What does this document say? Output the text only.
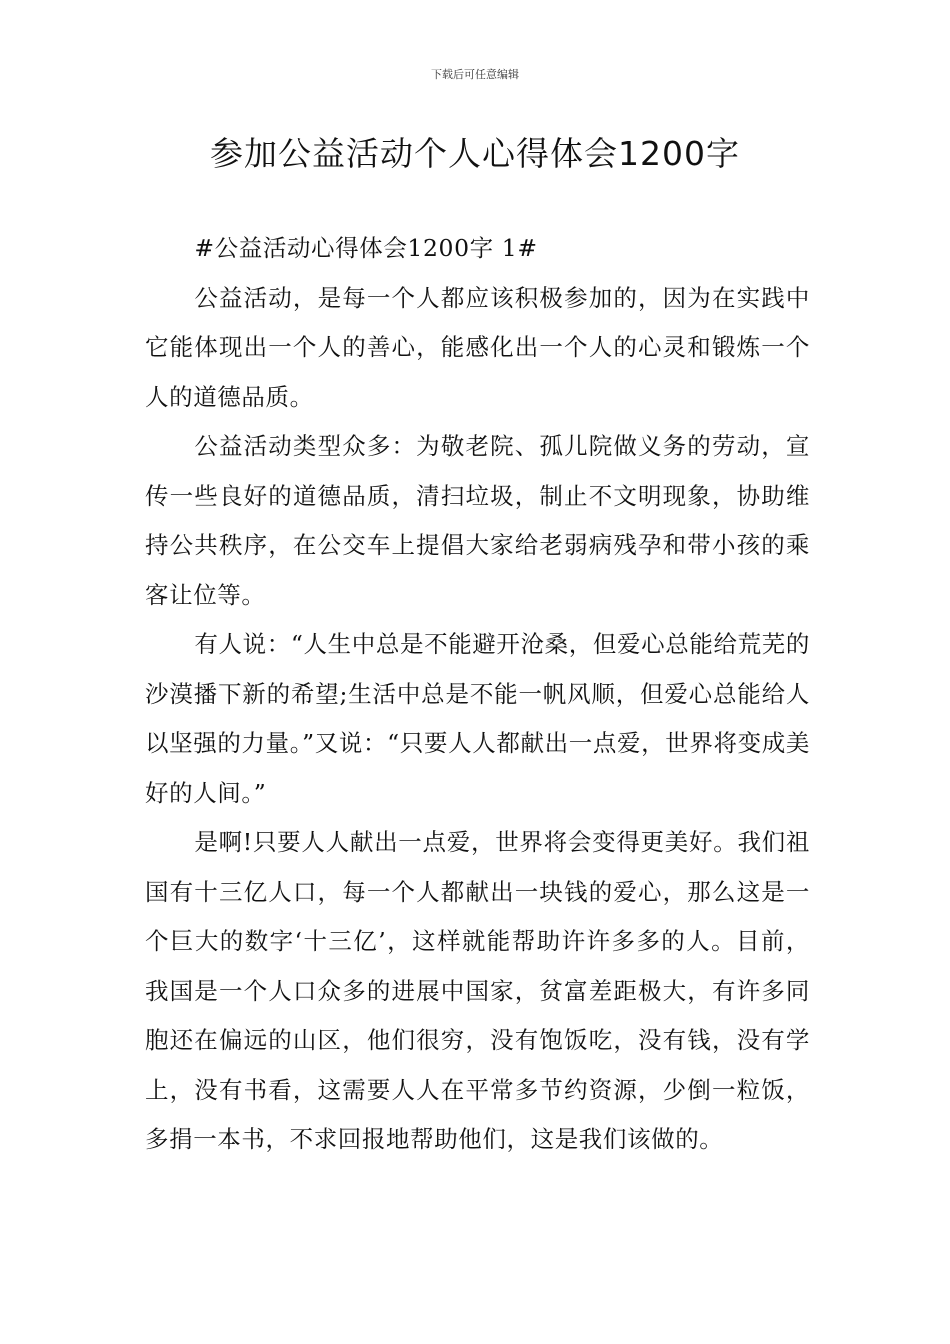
下载后可任意编辑
参加公益活动个人心得体会1200字

#公益活动心得体会1200字 1#

公益活动，是每一个人都应该积极参加的，因为在实践中它能体现出一个人的善心，能感化出一个人的心灵和锻炼一个人的道德品质。

公益活动类型众多：为敬老院、孤儿院做义务的劳动，宣传一些良好的道德品质，清扫垃圾，制止不文明现象，协助维持公共秩序，在公交车上提倡大家给老弱病残孕和带小孩的乘客让位等。

有人说：“人生中总是不能避开沧桑，但爱心总能给荒芜的沙漠播下新的希望;生活中总是不能一帆风顺，但爱心总能给人以坚强的力量。”又说：“只要人人都献出一点爱，世界将变成美好的人间。”

是啊!只要人人献出一点爱，世界将会变得更美好。我们祖国有十三亿人口，每一个人都献出一块钱的爱心，那么这是一个巨大的数字‘十三亿’，这样就能帮助许许多多的人。目前，我国是一个人口众多的进展中国家，贫富差距极大，有许多同胞还在偏远的山区，他们很穷，没有饱饭吃，没有钱，没有学上，没有书看，这需要人人在平常多节约资源，少倒一粒饭，多捐一本书，不求回报地帮助他们，这是我们该做的。
